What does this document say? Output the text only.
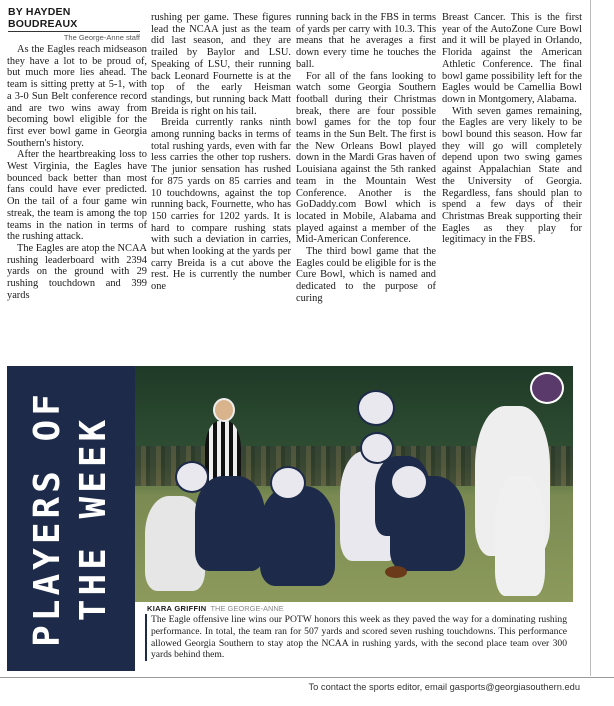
BY HAYDEN BOUDREAUX
The George-Anne staff

As the Eagles reach midseason they have a lot to be proud of, but much more lies ahead. The team is sitting pretty at 5-1, with a 3-0 Sun Belt conference record and are two wins away from becoming bowl eligible for the first ever bowl game in Georgia Southern's history.

After the heartbreaking loss to West Virginia, the Eagles have bounced back better than most fans could have ever predicted. On the tail of a four game win streak, the team is among the top teams in the nation in terms of the rushing attack.

The Eagles are atop the NCAA rushing leaderboard with 2394 yards on the ground with 29 rushing touchdown and 399 yards

rushing per game. These figures lead the NCAA just as the team did last season, and they are trailed by Baylor and LSU. Speaking of LSU, their running back Leonard Fournette is at the top of the early Heisman standings, but running back Matt Breida is right on his tail.

Breida currently ranks ninth among running backs in terms of total rushing yards, even with far less carries the other top rushers. The junior sensation has rushed for 875 yards on 85 carries and 10 touchdowns, against the top running back, Fournette, who has 150 carries for 1202 yards. It is hard to compare rushing stats with such a deviation in carries, but when looking at the yards per carry Breida is a cut above the rest. He is currently the number one

running back in the FBS in terms of yards per carry with 10.3. This means that he averages a first down every time he touches the ball.

For all of the fans looking to watch some Georgia Southern football during their Christmas break, there are four possible bowl games for the top four teams in the Sun Belt. The first is the New Orleans Bowl played down in the Mardi Gras haven of Louisiana against the 5th ranked team in the Mountain West Conference. Another is the GoDaddy.com Bowl which is located in Mobile, Alabama and played against a member of the Mid-American Conference.

The third bowl game that the Eagles could be eligible for is the Cure Bowl, which is named and dedicated to the purpose of curing

Breast Cancer. This is the first year of the AutoZone Cure Bowl and it will be played in Orlando, Florida against the American Athletic Conference. The final bowl game possibility left for the Eagles would be Camellia Bowl down in Montgomery, Alabama.

With seven games remaining, the Eagles are very likely to be bowl bound this season. How far they will go will completely depend upon two swing games against Appalachian State and the University of Georgia. Regardless, fans should plan to spend a few days of their Christmas Break supporting their Eagles as they play for legitimacy in the FBS.

PLAYERS OF THE WEEK	KIARA GRIFFIN THE GEORGE-ANNE
The Eagle offensive line wins our POTW honors this week as they paved the way for a dominating rushing performance. In total, the team ran for 507 yards and scored seven rushing touchdowns. This performance allowed Georgia Southern to stay atop the NCAA in rushing yards, with the second place team over 300 yards behind them.
To contact the sports editor, email gasports@georgiasouthern.edu
